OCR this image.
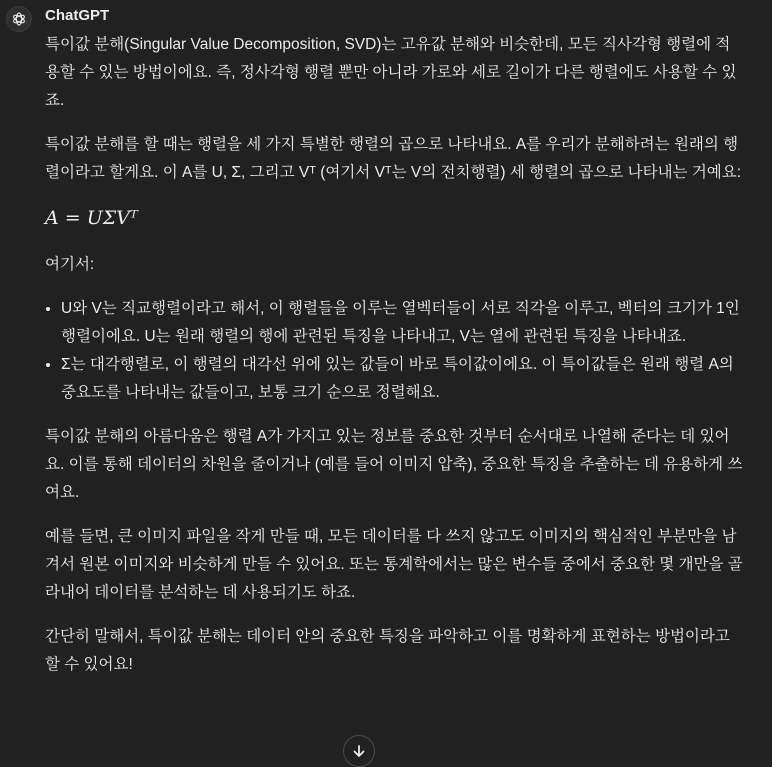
ChatGPT

특이값 분해(Singular Value Decomposition, SVD)는 고유값 분해와 비슷한데, 모든 직사각형 행렬에 적용할 수 있는 방법이에요. 즉, 정사각형 행렬 뿐만 아니라 가로와 세로 길이가 다른 행렬에도 사용할 수 있죠.

특이값 분해를 할 때는 행렬을 세 가지 특별한 행렬의 곱으로 나타내요. A를 우리가 분해하려는 원래의 행렬이라고 할게요. 이 A를 U, Σ, 그리고 Vᵀ (여기서 Vᵀ는 V의 전치행렬) 세 행렬의 곱으로 나타내는 거예요:

A = UΣVᵀ

여기서:

U와 V는 직교행렬이라고 해서, 이 행렬들을 이루는 열벡터들이 서로 직각을 이루고, 벡터의 크기가 1인 행렬이에요. U는 원래 행렬의 행에 관련된 특징을 나타내고, V는 열에 관련된 특징을 나타내죠.
Σ는 대각행렬로, 이 행렬의 대각선 위에 있는 값들이 바로 특이값이에요. 이 특이값들은 원래 행렬 A의 중요도를 나타내는 값들이고, 보통 크기 순으로 정렬해요.

특이값 분해의 아름다움은 행렬 A가 가지고 있는 정보를 중요한 것부터 순서대로 나열해 준다는 데 있어요. 이를 통해 데이터의 차원을 줄이거나 (예를 들어 이미지 압축), 중요한 특징을 추출하는 데 유용하게 쓰여요.

예를 들면, 큰 이미지 파일을 작게 만들 때, 모든 데이터를 다 쓰지 않고도 이미지의 핵심적인 부분만을 남겨서 원본 이미지와 비슷하게 만들 수 있어요. 또는 통계학에서는 많은 변수들 중에서 중요한 몇 개만을 골라내어 데이터를 분석하는 데 사용되기도 하죠.

간단히 말해서, 특이값 분해는 데이터 안의 중요한 특징을 파악하고 이를 명확하게 표현하는 방법이라고 할 수 있어요!
